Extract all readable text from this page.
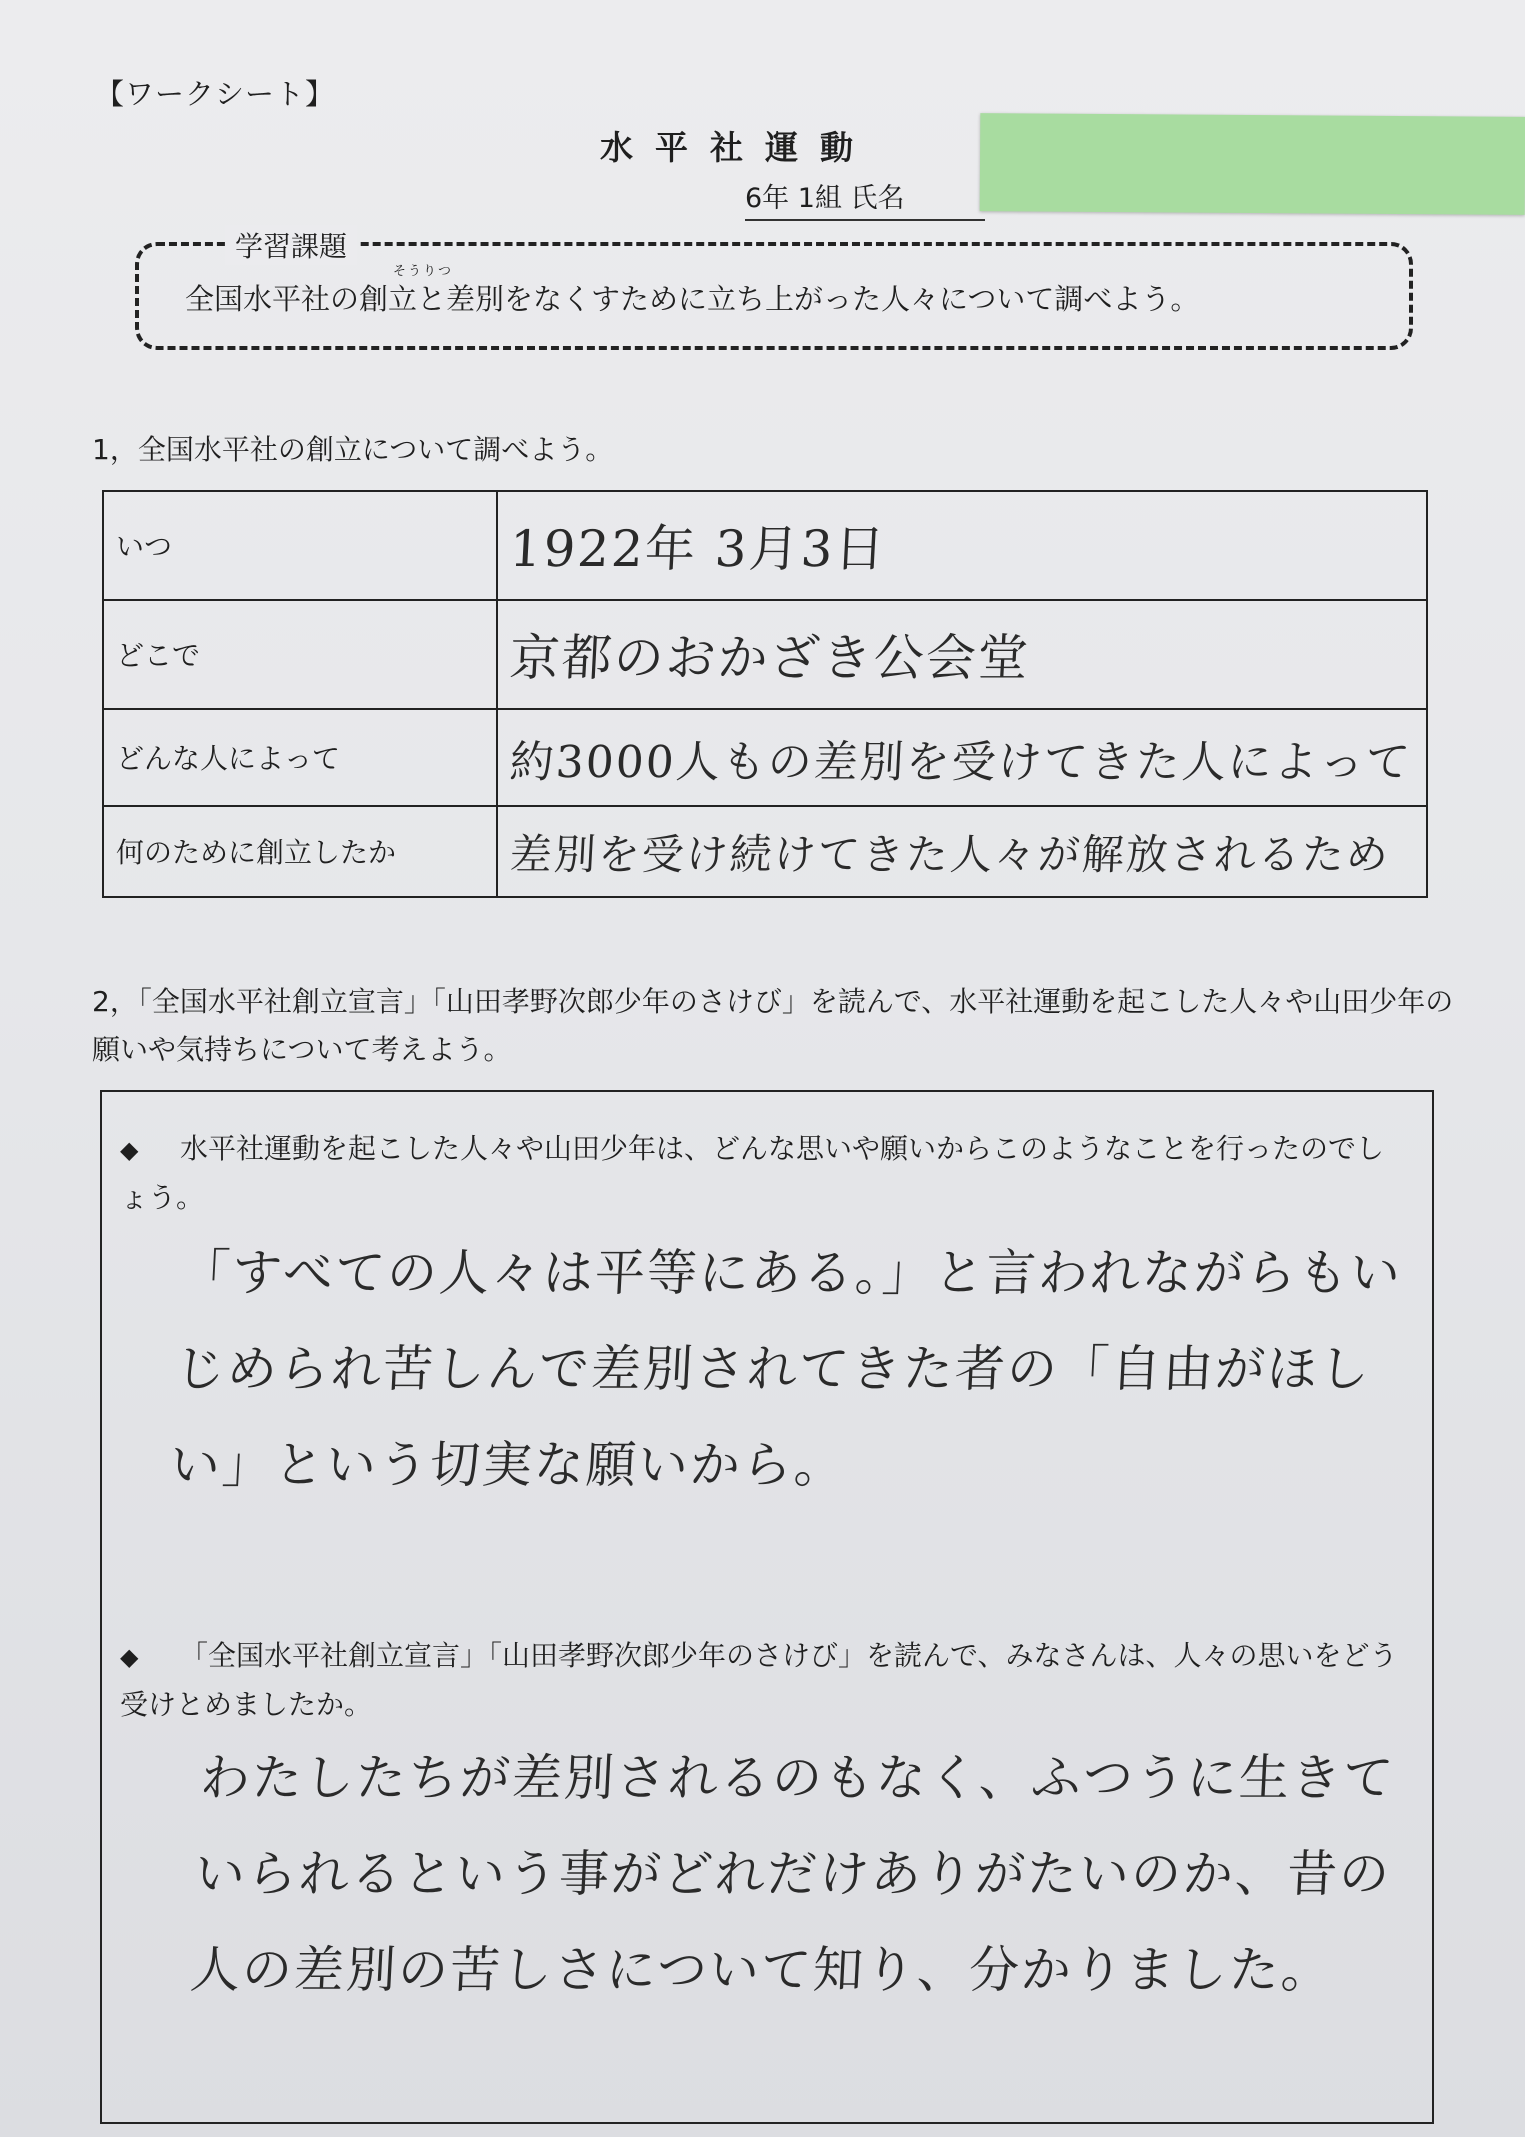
【ワークシート】
水平社運動
6年 1組 氏名
学習課題
そうりつ
全国水平社の創立と差別をなくすために立ち上がった人々について調べよう。
1，全国水平社の創立について調べよう。
いつ	1922年 3月3日
どこで	京都のおかざき公会堂
どんな人によって	約3000人もの差別を受けてきた人によって
何のために創立したか	差別を受け続けてきた人々が解放されるため
2，「全国水平社創立宣言」「山田孝野次郎少年のさけび」を読んで、水平社運動を起こした人々や山田少年の願いや気持ちについて考えよう。
◆ 水平社運動を起こした人々や山田少年は、どんな思いや願いからこのようなことを行ったのでしょう。
「すべての人々は平等にある。」と言われながらもいじめられ苦しんで差別されてきた者の「自由がほしい」という切実な願いから。
◆ 「全国水平社創立宣言」「山田孝野次郎少年のさけび」を読んで、みなさんは、人々の思いをどう受けとめましたか。
わたしたちが差別されるのもなく、ふつうに生きていられるという事がどれだけありがたいのか、昔の人の差別の苦しさについて知り、分かりました。
